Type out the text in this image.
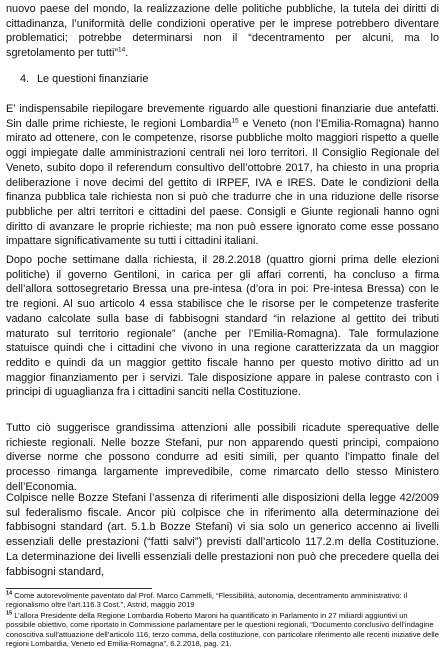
nuovo paese del mondo, la realizzazione delle politiche pubbliche, la tutela dei diritti di cittadinanza, l’uniformità delle condizioni operative per le imprese potrebbero diventare problematici; potrebbe determinarsi non il “decentramento per alcuni, ma lo sgretolamento per tutti”$^{14}$.

4. Le questioni finanziarie

E’ indispensabile riepilogare brevemente riguardo alle questioni finanziarie due antefatti. Sin dalle prime richieste, le regioni Lombardia$^{15}$ e Veneto (non l’Emilia-Romagna) hanno mirato ad ottenere, con le competenze, risorse pubbliche molto maggiori rispetto a quelle oggi impiegate dalle amministrazioni centrali nei loro territori. Il Consiglio Regionale del Veneto, subito dopo il referendum consultivo dell’ottobre 2017, ha chiesto in una propria deliberazione i nove decimi del gettito di IRPEF, IVA e IRES. Date le condizioni della finanza pubblica tale richiesta non si può che tradurre che in una riduzione delle risorse pubbliche per altri territori e cittadini del paese. Consigli e Giunte regionali hanno ogni diritto di avanzare le proprie richieste; ma non può essere ignorato come esse possano impattare significativamente su tutti i cittadini italiani.

Dopo poche settimane dalla richiesta, il 28.2.2018 (quattro giorni prima delle elezioni politiche) il governo Gentiloni, in carica per gli affari correnti, ha concluso a firma dell’allora sottosegretario Bressa una pre-intesa (d’ora in poi: Pre-intesa Bressa) con le tre regioni. Al suo articolo 4 essa stabilisce che le risorse per le competenze trasferite vadano calcolate sulla base di fabbisogni standard “in relazione al gettito dei tributi maturato sul territorio regionale” (anche per l’Emilia-Romagna). Tale formulazione statuisce quindi che i cittadini che vivono in una regione caratterizzata da un maggior reddito e quindi da un maggior gettito fiscale hanno per questo motivo diritto ad un maggior finanziamento per i servizi. Tale disposizione appare in palese contrasto con i principi di uguaglianza fra i cittadini sanciti nella Costituzione.

Tutto ciò suggerisce grandissima attenzioni alle possibili ricadute sperequative delle richieste regionali. Nelle bozze Stefani, pur non apparendo questi principi, compaiono diverse norme che possono condurre ad esiti simili, per quanto l’impatto finale del processo rimanga largamente imprevedibile, come rimarcato dello stesso Ministero dell’Economia.

Colpisce nelle Bozze Stefani l’assenza di riferimenti alle disposizioni della legge 42/2009 sul federalismo fiscale. Ancor più colpisce che in riferimento alla determinazione dei fabbisogni standard (art. 5.1.b Bozze Stefani) vi sia solo un generico accenno ai livelli essenziali delle prestazioni (“fatti salvi”) previsti dall’articolo 117.2.m della Costituzione. La determinazione dei livelli essenziali delle prestazioni non può che precedere quella dei fabbisogni standard,

$^{14}$ Come autorevolmente paventato dal Prof. Marco Cammelli, “Flessibilità, autonomia, decentramento amministrativo: il regionalismo oltre l’art.116.3 Cost.”, Astrid, maggio 2019

$^{15}$ L’allora Presidente della Regione Lombardia Roberto Maroni ha quantificato in Parlamento in 27 miliardi aggiuntivi un possibile obiettivo, come riportato in Commissione parlamentare per le questioni regionali, “Documento conclusivo dell’indagine conoscitiva sull’attuazione dell’articolo 116, terzo comma, della costituzione, con particolare riferimento alle recenti iniziative delle regioni Lombardia, Veneto ed Emilia-Romagna”, 6.2.2018, pag. 21.
